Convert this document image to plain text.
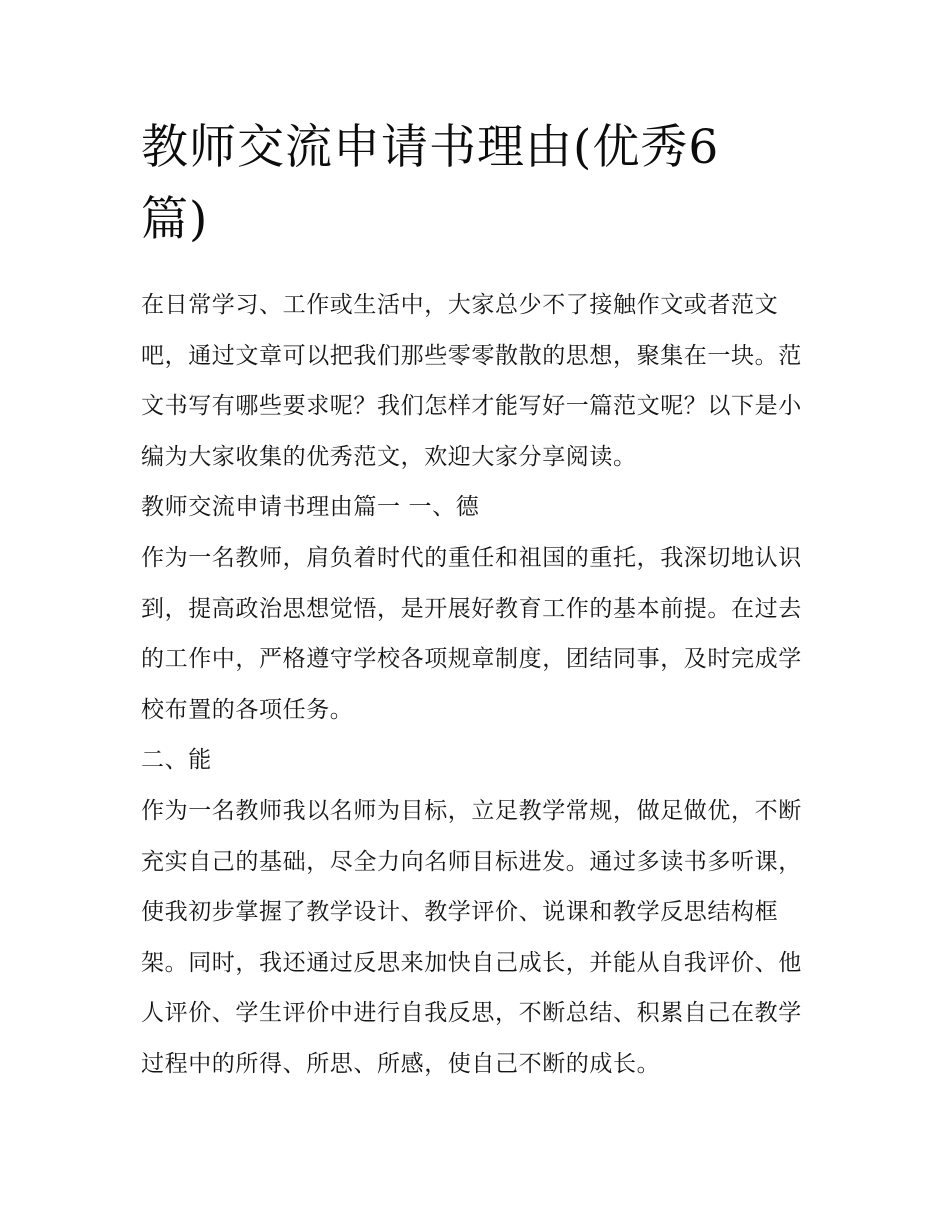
教师交流申请书理由(优秀6篇)

在日常学习、工作或生活中，大家总少不了接触作文或者范文吧，通过文章可以把我们那些零零散散的思想，聚集在一块。范文书写有哪些要求呢？我们怎样才能写好一篇范文呢？以下是小编为大家收集的优秀范文，欢迎大家分享阅读。

教师交流申请书理由篇一 一、德

作为一名教师，肩负着时代的重任和祖国的重托，我深切地认识到，提高政治思想觉悟，是开展好教育工作的基本前提。在过去的工作中，严格遵守学校各项规章制度，团结同事，及时完成学校布置的各项任务。

二、能

作为一名教师我以名师为目标，立足教学常规，做足做优，不断充实自己的基础，尽全力向名师目标进发。通过多读书多听课，使我初步掌握了教学设计、教学评价、说课和教学反思结构框架。同时，我还通过反思来加快自己成长，并能从自我评价、他人评价、学生评价中进行自我反思，不断总结、积累自己在教学过程中的所得、所思、所感，使自己不断的成长。
